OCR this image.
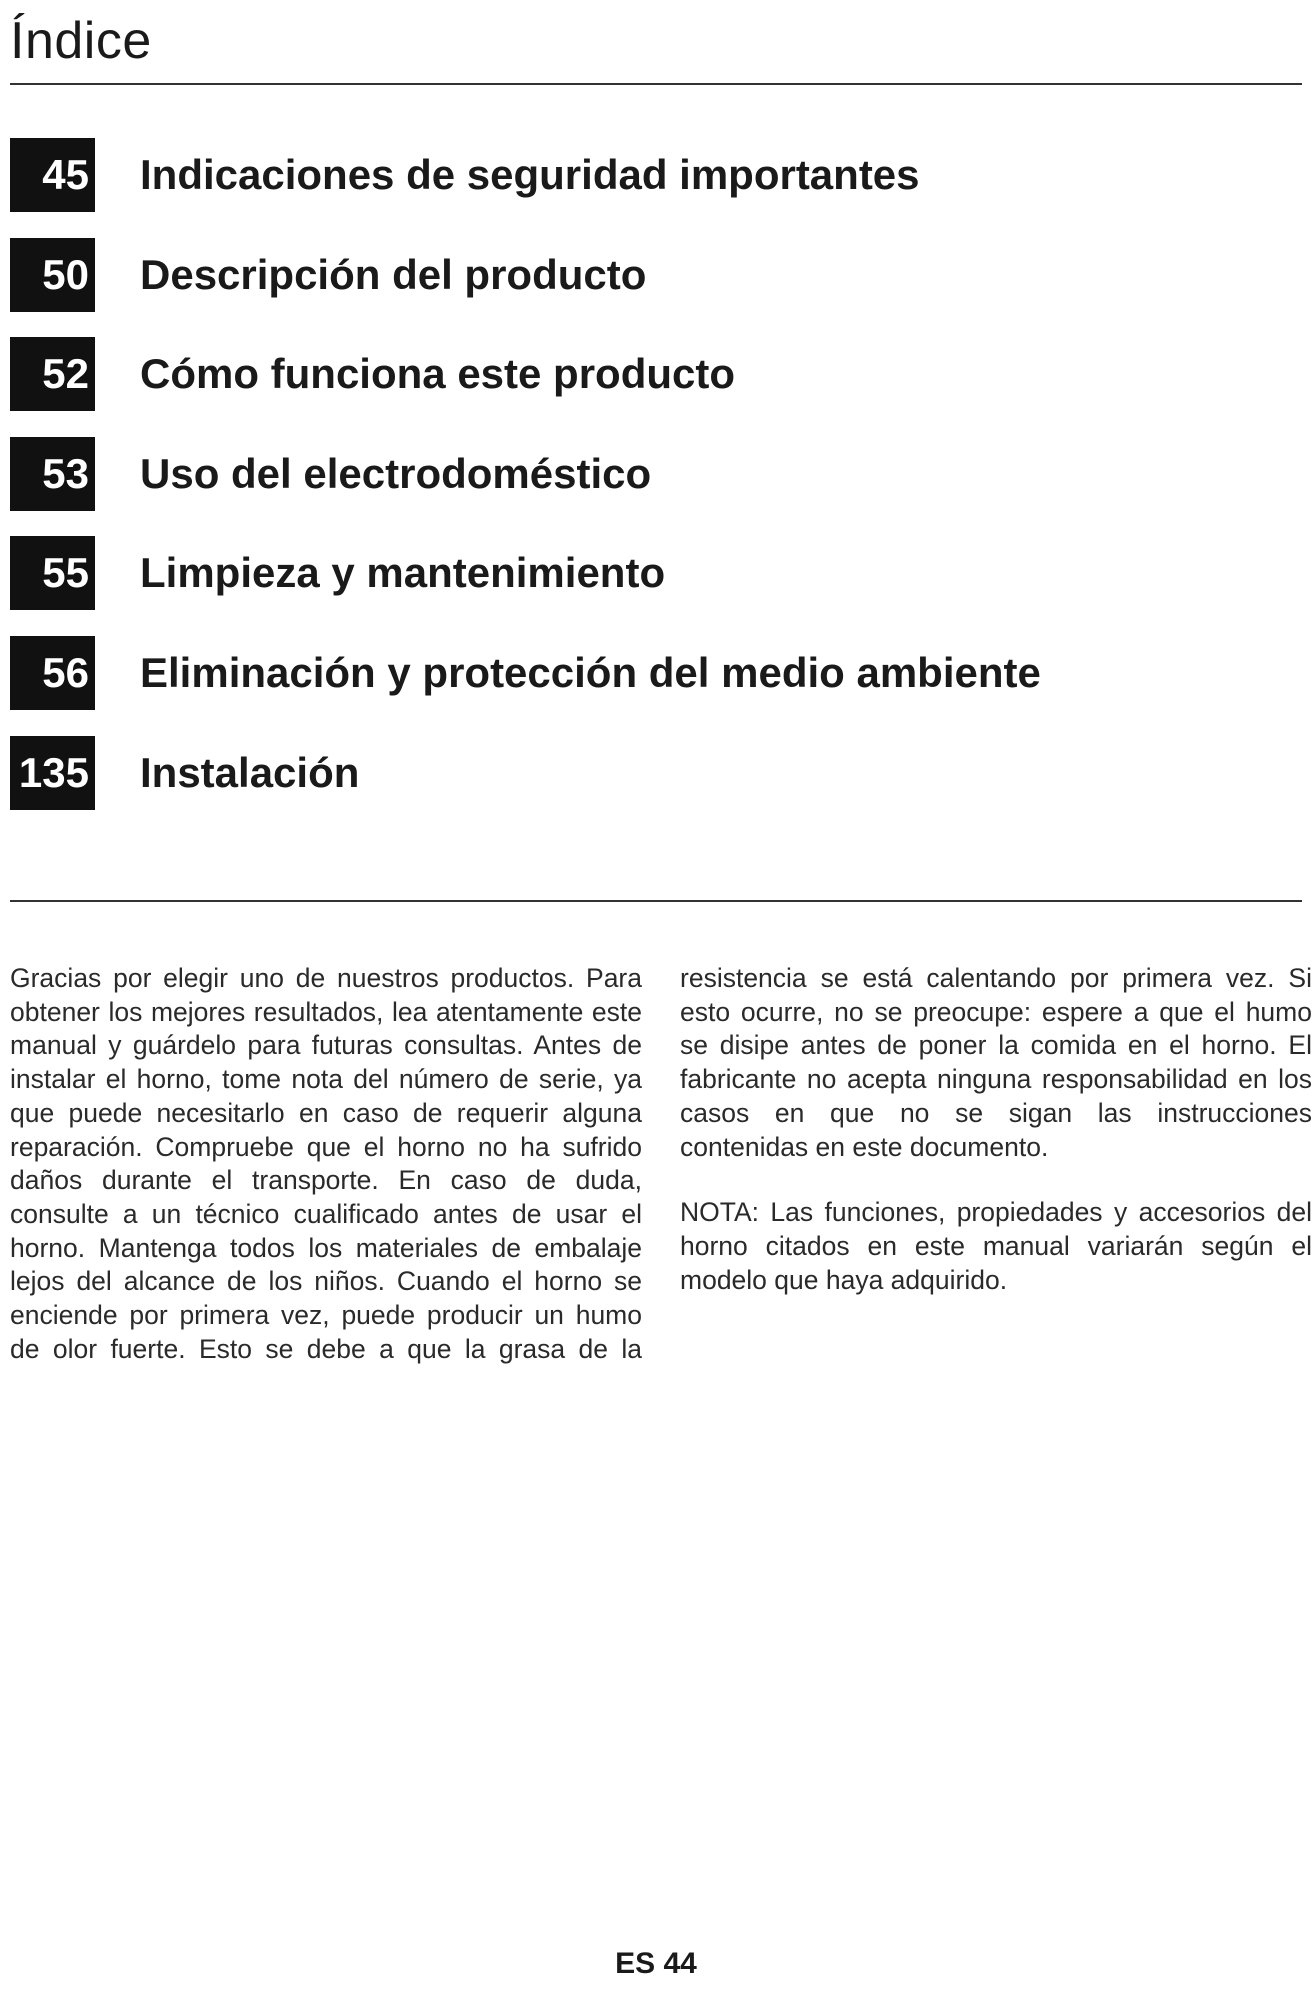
Índice
45 Indicaciones de seguridad importantes
50 Descripción del producto
52 Cómo funciona este producto
53 Uso del electrodoméstico
55 Limpieza y mantenimiento
56 Eliminación y protección del medio ambiente
135 Instalación

Gracias por elegir uno de nuestros productos. Para obtener los mejores resultados, lea atentamente este manual y guárdelo para futuras consultas. Antes de instalar el horno, tome nota del número de serie, ya que puede necesitarlo en caso de requerir alguna reparación. Compruebe que el horno no ha sufrido daños durante el transporte. En caso de duda, consulte a un técnico cualificado antes de usar el horno. Mantenga todos los materiales de embalaje lejos del alcance de los niños. Cuando el horno se enciende por primera vez, puede producir un humo de olor fuerte. Esto se debe a que la grasa de la

resistencia se está calentando por primera vez. Si esto ocurre, no se preocupe: espere a que el humo se disipe antes de poner la comida en el horno. El fabricante no acepta ninguna responsabilidad en los casos en que no se sigan las instrucciones contenidas en este documento.

NOTA: Las funciones, propiedades y accesorios del horno citados en este manual variarán según el modelo que haya adquirido.

ES 44
